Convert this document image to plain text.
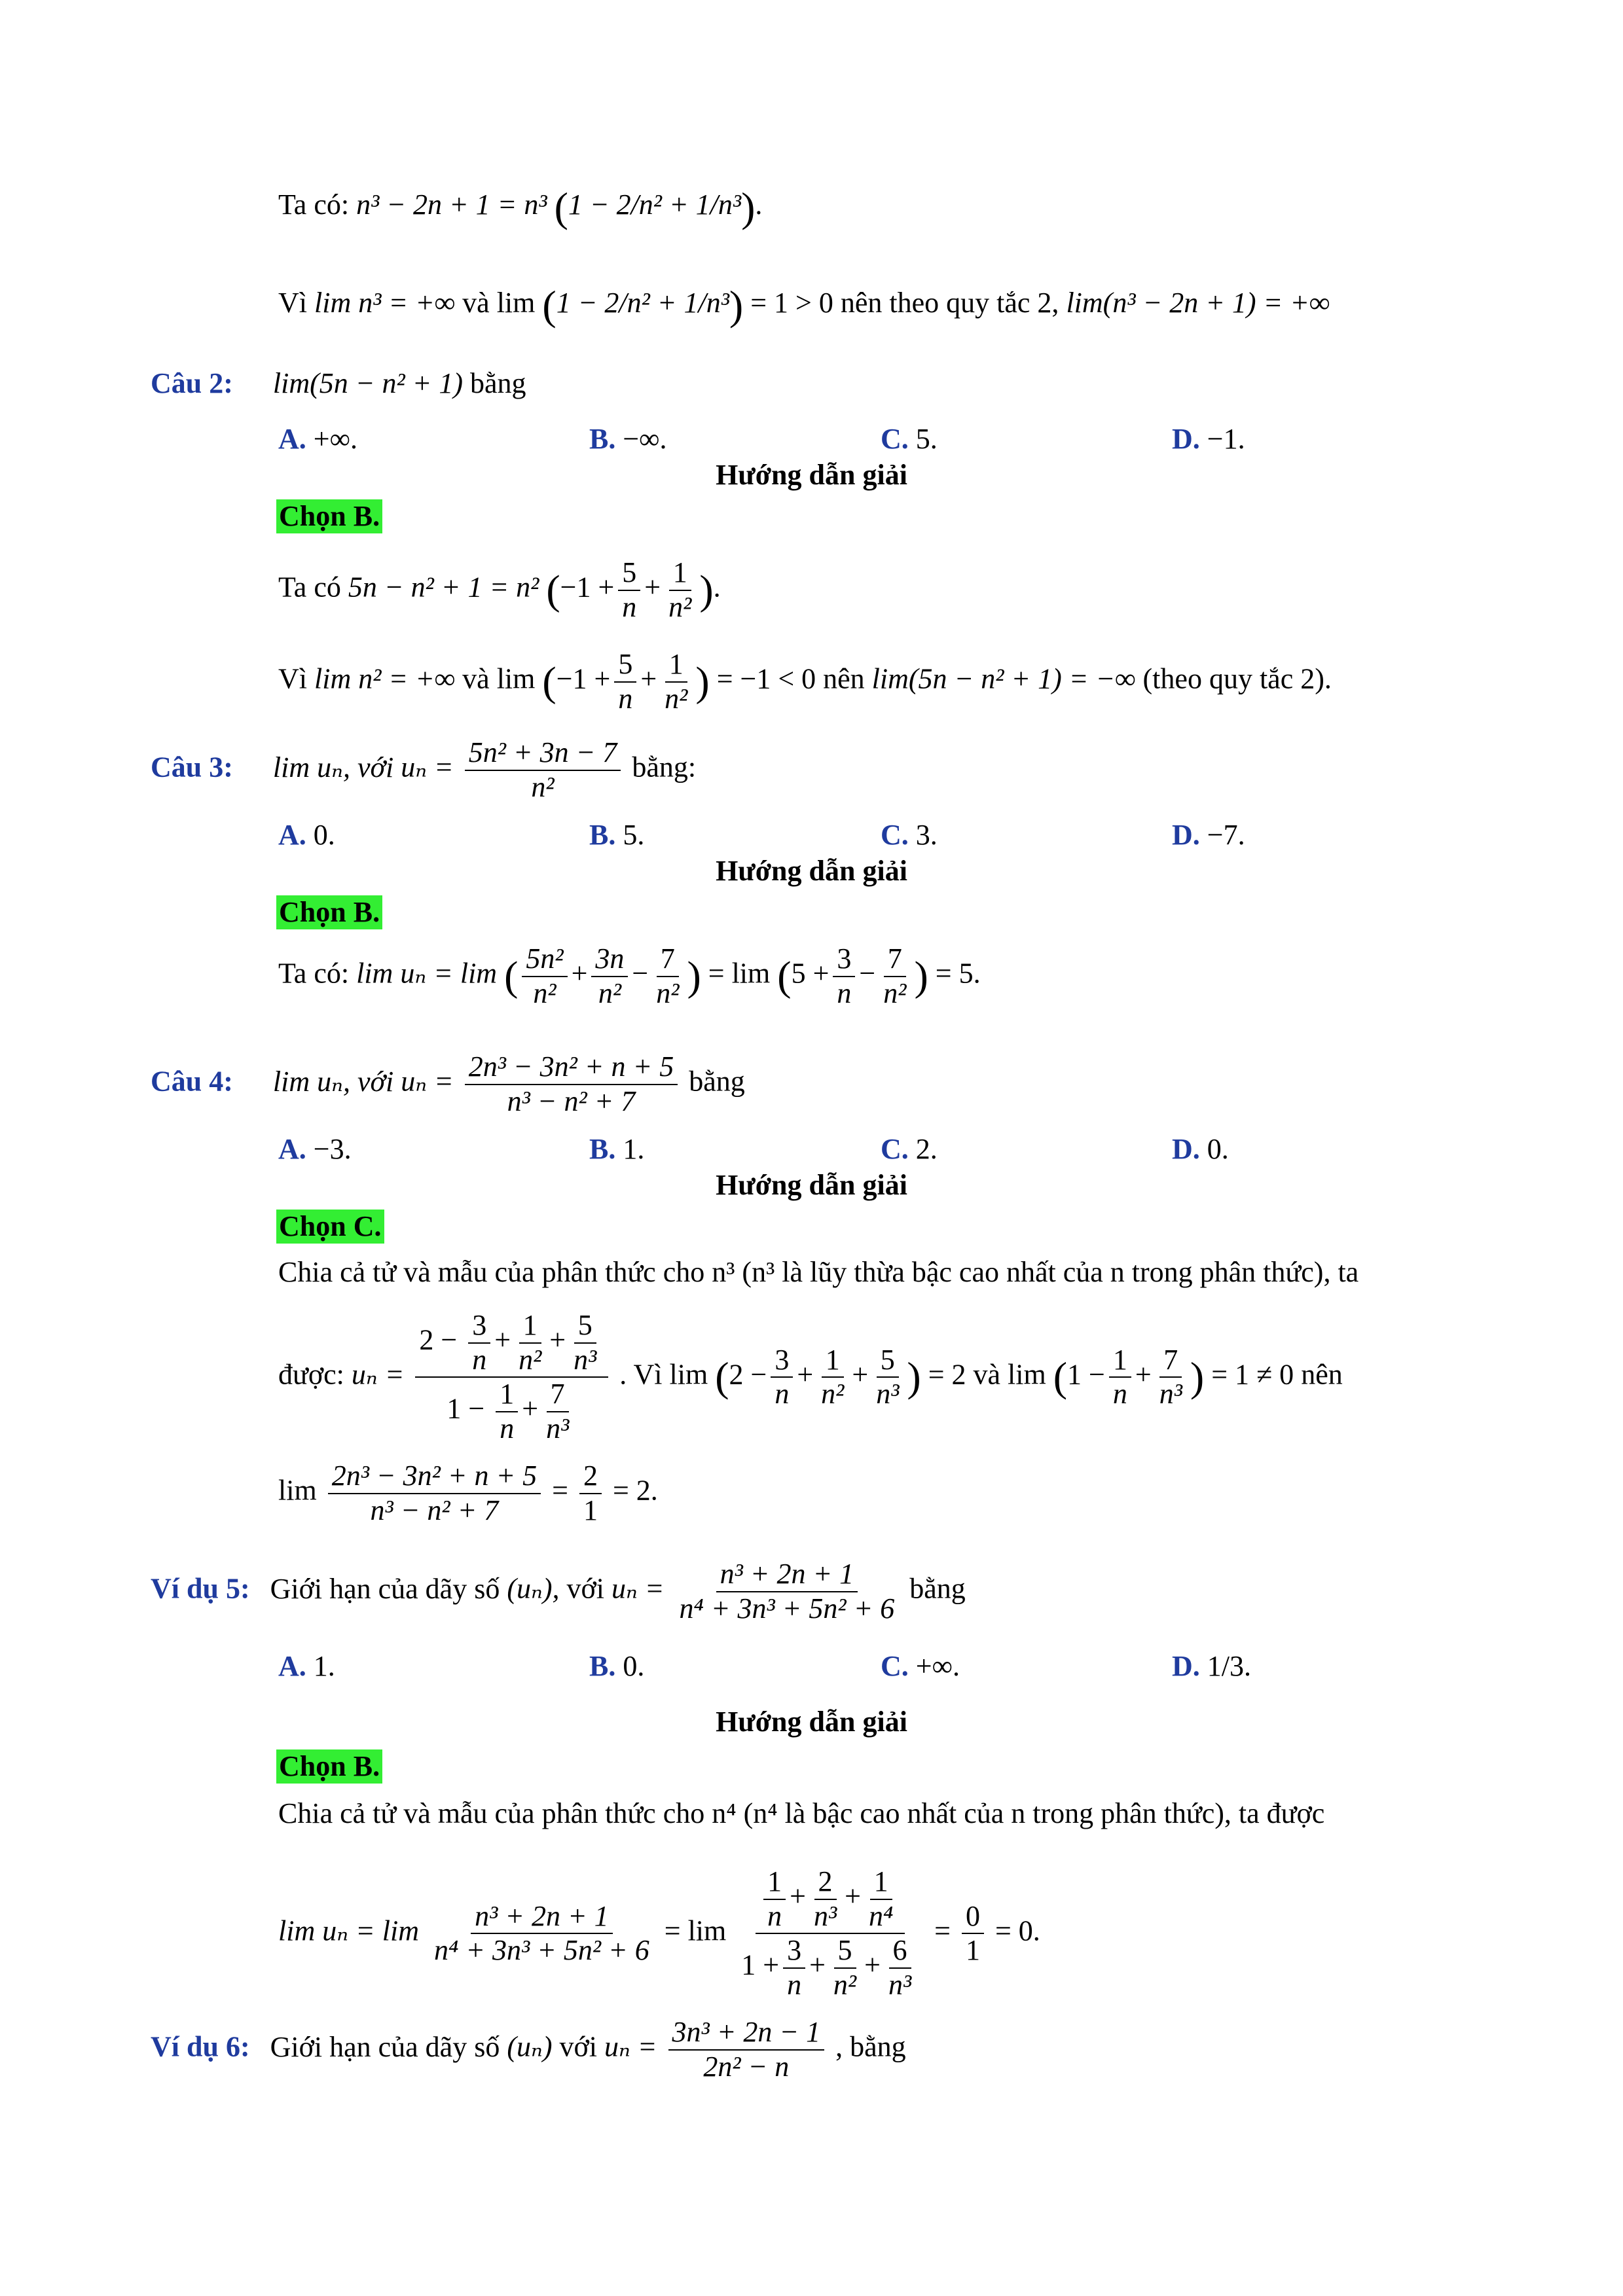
Ta có: n³ − 2n + 1 = n³ (1 − 2/n² + 1/n³).
Vì lim n³ = +∞ và lim (1 − 2/n² + 1/n³) = 1 > 0 nên theo quy tắc 2, lim(n³ − 2n + 1) = +∞
Câu 2: lim(5n − n² + 1) bằng
A. +∞.	B. −∞.	C. 5.	D. −1.
Hướng dẫn giải
Chọn B.
Ta có 5n − n² + 1 = n² ($-1 + \frac{5}{n} + \frac{1}{\text{n²}}$ ).
Vì lim n² = +∞ và $\lim (-1 + \frac{5}{n} + \frac{1}{\text{n²}}$ ) = −1 < 0 nên lim(5n − n² + 1) = −∞ (theo quy tắc 2).
Câu 3: lim uₙ, với $u_n = \frac{\text{5n² + 3n − 7}}{\text{n²}}$ bằng:
A. 0.	B. 5.	C. 3.	D. −7.
Hướng dẫn giải
Chọn B.
Ta có: lim uₙ = lim ( $\frac{\text{5n²}}{\text{n²}} + \frac{3n}{\text{n²}} - \frac{7}{\text{n²}}$ ) = $\lim (5 + \frac{3}{n} - \frac{7}{\text{n²}}$ ) = 5.
Câu 4: lim uₙ, với $u_n = \frac{\text{2n³ − 3n² + n + 5}}{\text{n³ − n² + 7}}$ bằng
A. −3.	B. 1.	C. 2.	D. 0.
Hướng dẫn giải
Chọn C.
Chia cả tử và mẫu của phân thức cho n³ (n³ là lũy thừa bậc cao nhất của n trong phân thức), ta
được: $u_n = \frac{2 - \frac{3}{n} + \frac{1}{\text{n²}} + \frac{5}{\text{n³}}}{1 - \frac{1}{n} + \frac{7}{\text{n³}}}$ . Vì $\lim (2 - \frac{3}{n} + \frac{1}{\text{n²}} + \frac{5}{\text{n³}}$ ) = 2 và $\lim (1 - \frac{1}{n} + \frac{7}{\text{n³}}$ ) = 1 ≠ 0 nên
$\lim \frac{\text{2n³ − 3n² + n + 5}}{\text{n³ − n² + 7}} = \frac{2}{1} = 2$.
Ví dụ 5: Giới hạn của dãy số (uₙ), với $u_n = \frac{\text{n³ + 2n + 1}}{\text{n⁴ + 3n³ + 5n² + 6}}$ bằng
A. 1.	B. 0.	C. +∞.	D. 1/3.
Hướng dẫn giải
Chọn B.
Chia cả tử và mẫu của phân thức cho n⁴ (n⁴ là bậc cao nhất của n trong phân thức), ta được
$\lim u_n = \lim \frac{\text{n³ + 2n + 1}}{\text{n⁴ + 3n³ + 5n² + 6}} = \lim \frac{\frac{1}{n} + \frac{2}{\text{n³}} + \frac{1}{\text{n⁴}}}{1 + \frac{3}{n} + \frac{5}{\text{n²}} + \frac{6}{\text{n³}}} = \frac{0}{1} = 0$.
Ví dụ 6: Giới hạn của dãy số (uₙ) với $u_n = \frac{\text{3n³ + 2n − 1}}{\text{2n² − n}}$ , bằng
